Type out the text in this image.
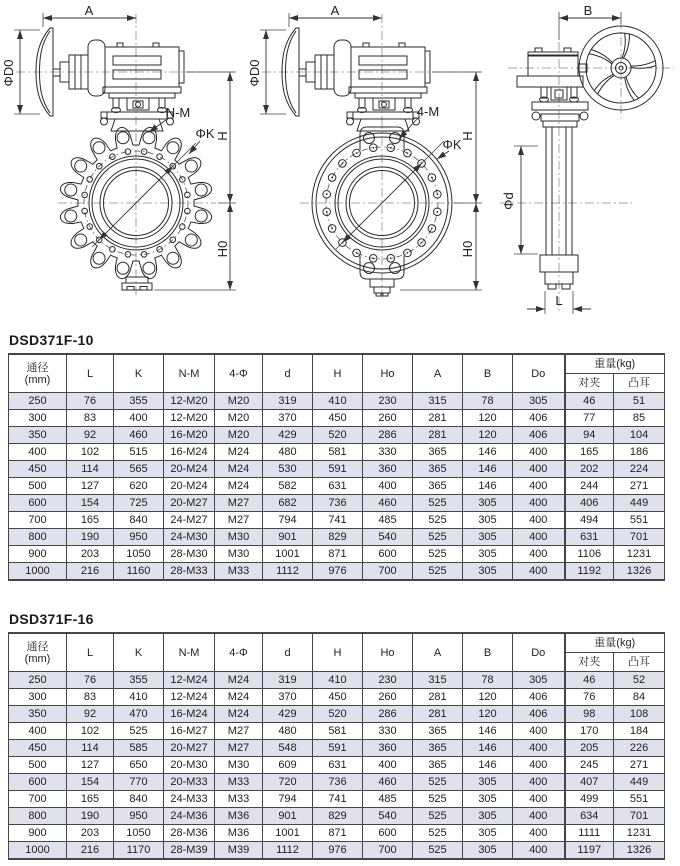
A
ΦD0
N-M
ΦK H
H0
A
ΦD0
4-M
ΦK
H
H0
B
Φd
L
DSD371F-10
通径
(mm)	L	K	N-M	4-Φ	d	H	Ho	A	B	Do	重量(kg)	
											对夹	凸耳
250	76	355	12-M20	M20	319	410	230	315	78	305	46	51
300	83	400	12-M20	M20	370	450	260	281	120	406	77	85
350	92	460	16-M20	M20	429	520	286	281	120	406	94	104
400	102	515	16-M24	M24	480	581	330	365	146	400	165	186
450	114	565	20-M24	M24	530	591	360	365	146	400	202	224
500	127	620	20-M24	M24	582	631	400	365	146	400	244	271
600	154	725	20-M27	M27	682	736	460	525	305	400	406	449
700	165	840	24-M27	M27	794	741	485	525	305	400	494	551
800	190	950	24-M30	M30	901	829	540	525	305	400	631	701
900	203	1050	28-M30	M30	1001	871	600	525	305	400	1106	1231
1000	216	1160	28-M33	M33	1112	976	700	525	305	400	1192	1326
DSD371F-16
通径
(mm)	L	K	N-M	4-Φ	d	H	Ho	A	B	Do	重量(kg)	
											对夹	凸耳
250	76	355	12-M24	M24	319	410	230	315	78	305	46	52
300	83	410	12-M24	M24	370	450	260	281	120	406	76	84
350	92	470	16-M24	M24	429	520	286	281	120	406	98	108
400	102	525	16-M27	M27	480	581	330	365	146	400	170	184
450	114	585	20-M27	M27	548	591	360	365	146	400	205	226
500	127	650	20-M30	M30	609	631	400	365	146	400	245	271
600	154	770	20-M33	M33	720	736	460	525	305	400	407	449
700	165	840	24-M33	M33	794	741	485	525	305	400	499	551
800	190	950	24-M36	M36	901	829	540	525	305	400	634	701
900	203	1050	28-M36	M36	1001	871	600	525	305	400	1111	1231
1000	216	1170	28-M39	M39	1112	976	700	525	305	400	1197	1326
